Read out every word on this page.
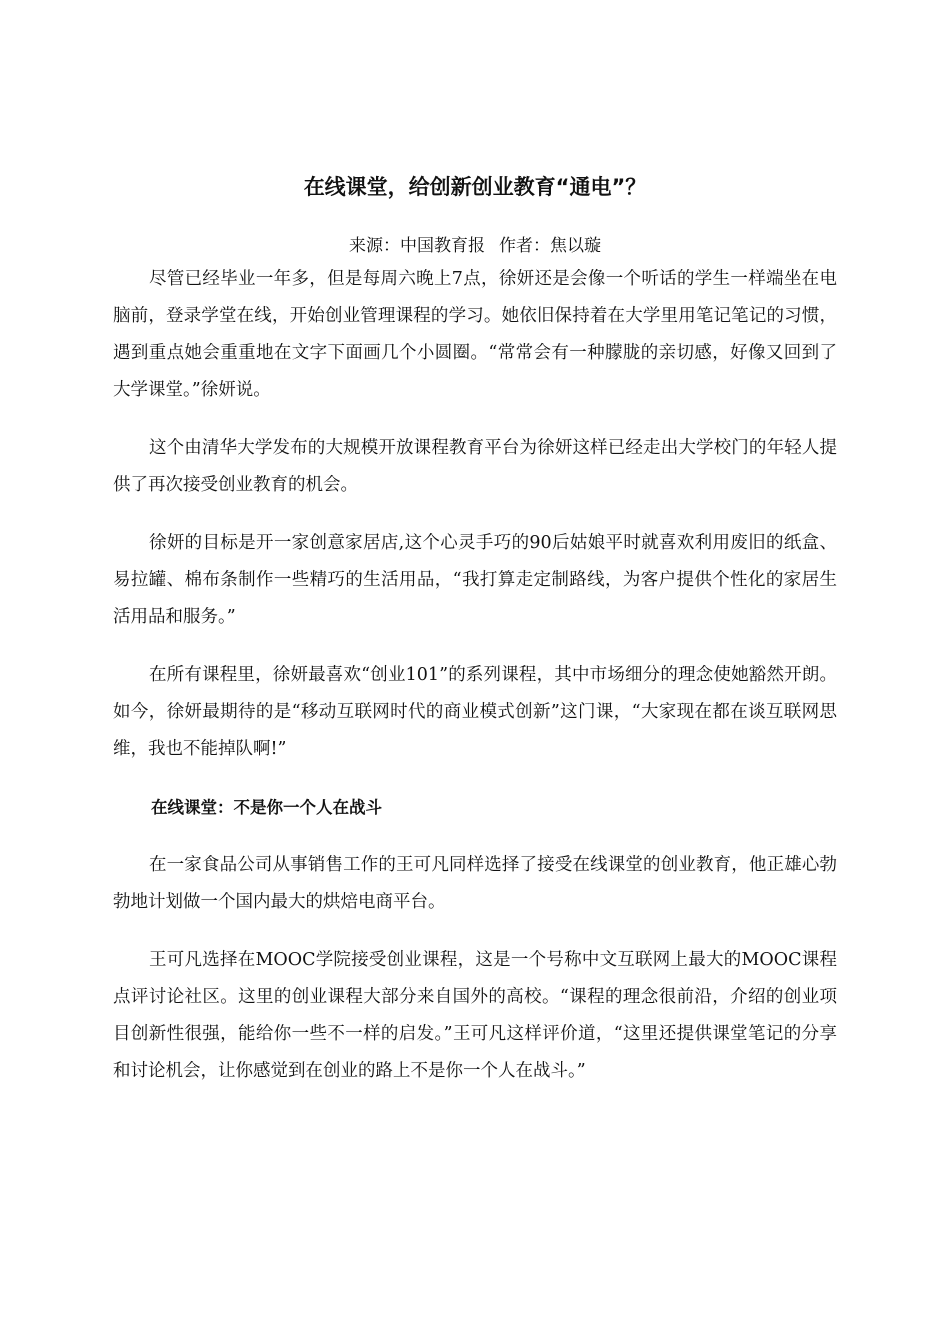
在线课堂，给创新创业教育“通电”？
来源：中国教育报 作者：焦以璇

尽管已经毕业一年多，但是每周六晚上7点，徐妍还是会像一个听话的学生一样端坐在电脑前，登录学堂在线，开始创业管理课程的学习。她依旧保持着在大学里用笔记笔记的习惯，遇到重点她会重重地在文字下面画几个小圆圈。“常常会有一种朦胧的亲切感，好像又回到了大学课堂。”徐妍说。

这个由清华大学发布的大规模开放课程教育平台为徐妍这样已经走出大学校门的年轻人提供了再次接受创业教育的机会。

徐妍的目标是开一家创意家居店,这个心灵手巧的90后姑娘平时就喜欢利用废旧的纸盒、易拉罐、棉布条制作一些精巧的生活用品，“我打算走定制路线，为客户提供个性化的家居生活用品和服务。”

在所有课程里，徐妍最喜欢“创业101”的系列课程，其中市场细分的理念使她豁然开朗。如今，徐妍最期待的是“移动互联网时代的商业模式创新”这门课，“大家现在都在谈互联网思维，我也不能掉队啊!”

在线课堂：不是你一个人在战斗

在一家食品公司从事销售工作的王可凡同样选择了接受在线课堂的创业教育，他正雄心勃勃地计划做一个国内最大的烘焙电商平台。

王可凡选择在MOOC学院接受创业课程，这是一个号称中文互联网上最大的MOOC课程点评讨论社区。这里的创业课程大部分来自国外的高校。“课程的理念很前沿，介绍的创业项目创新性很强，能给你一些不一样的启发。”王可凡这样评价道，“这里还提供课堂笔记的分享和讨论机会，让你感觉到在创业的路上不是你一个人在战斗。”
